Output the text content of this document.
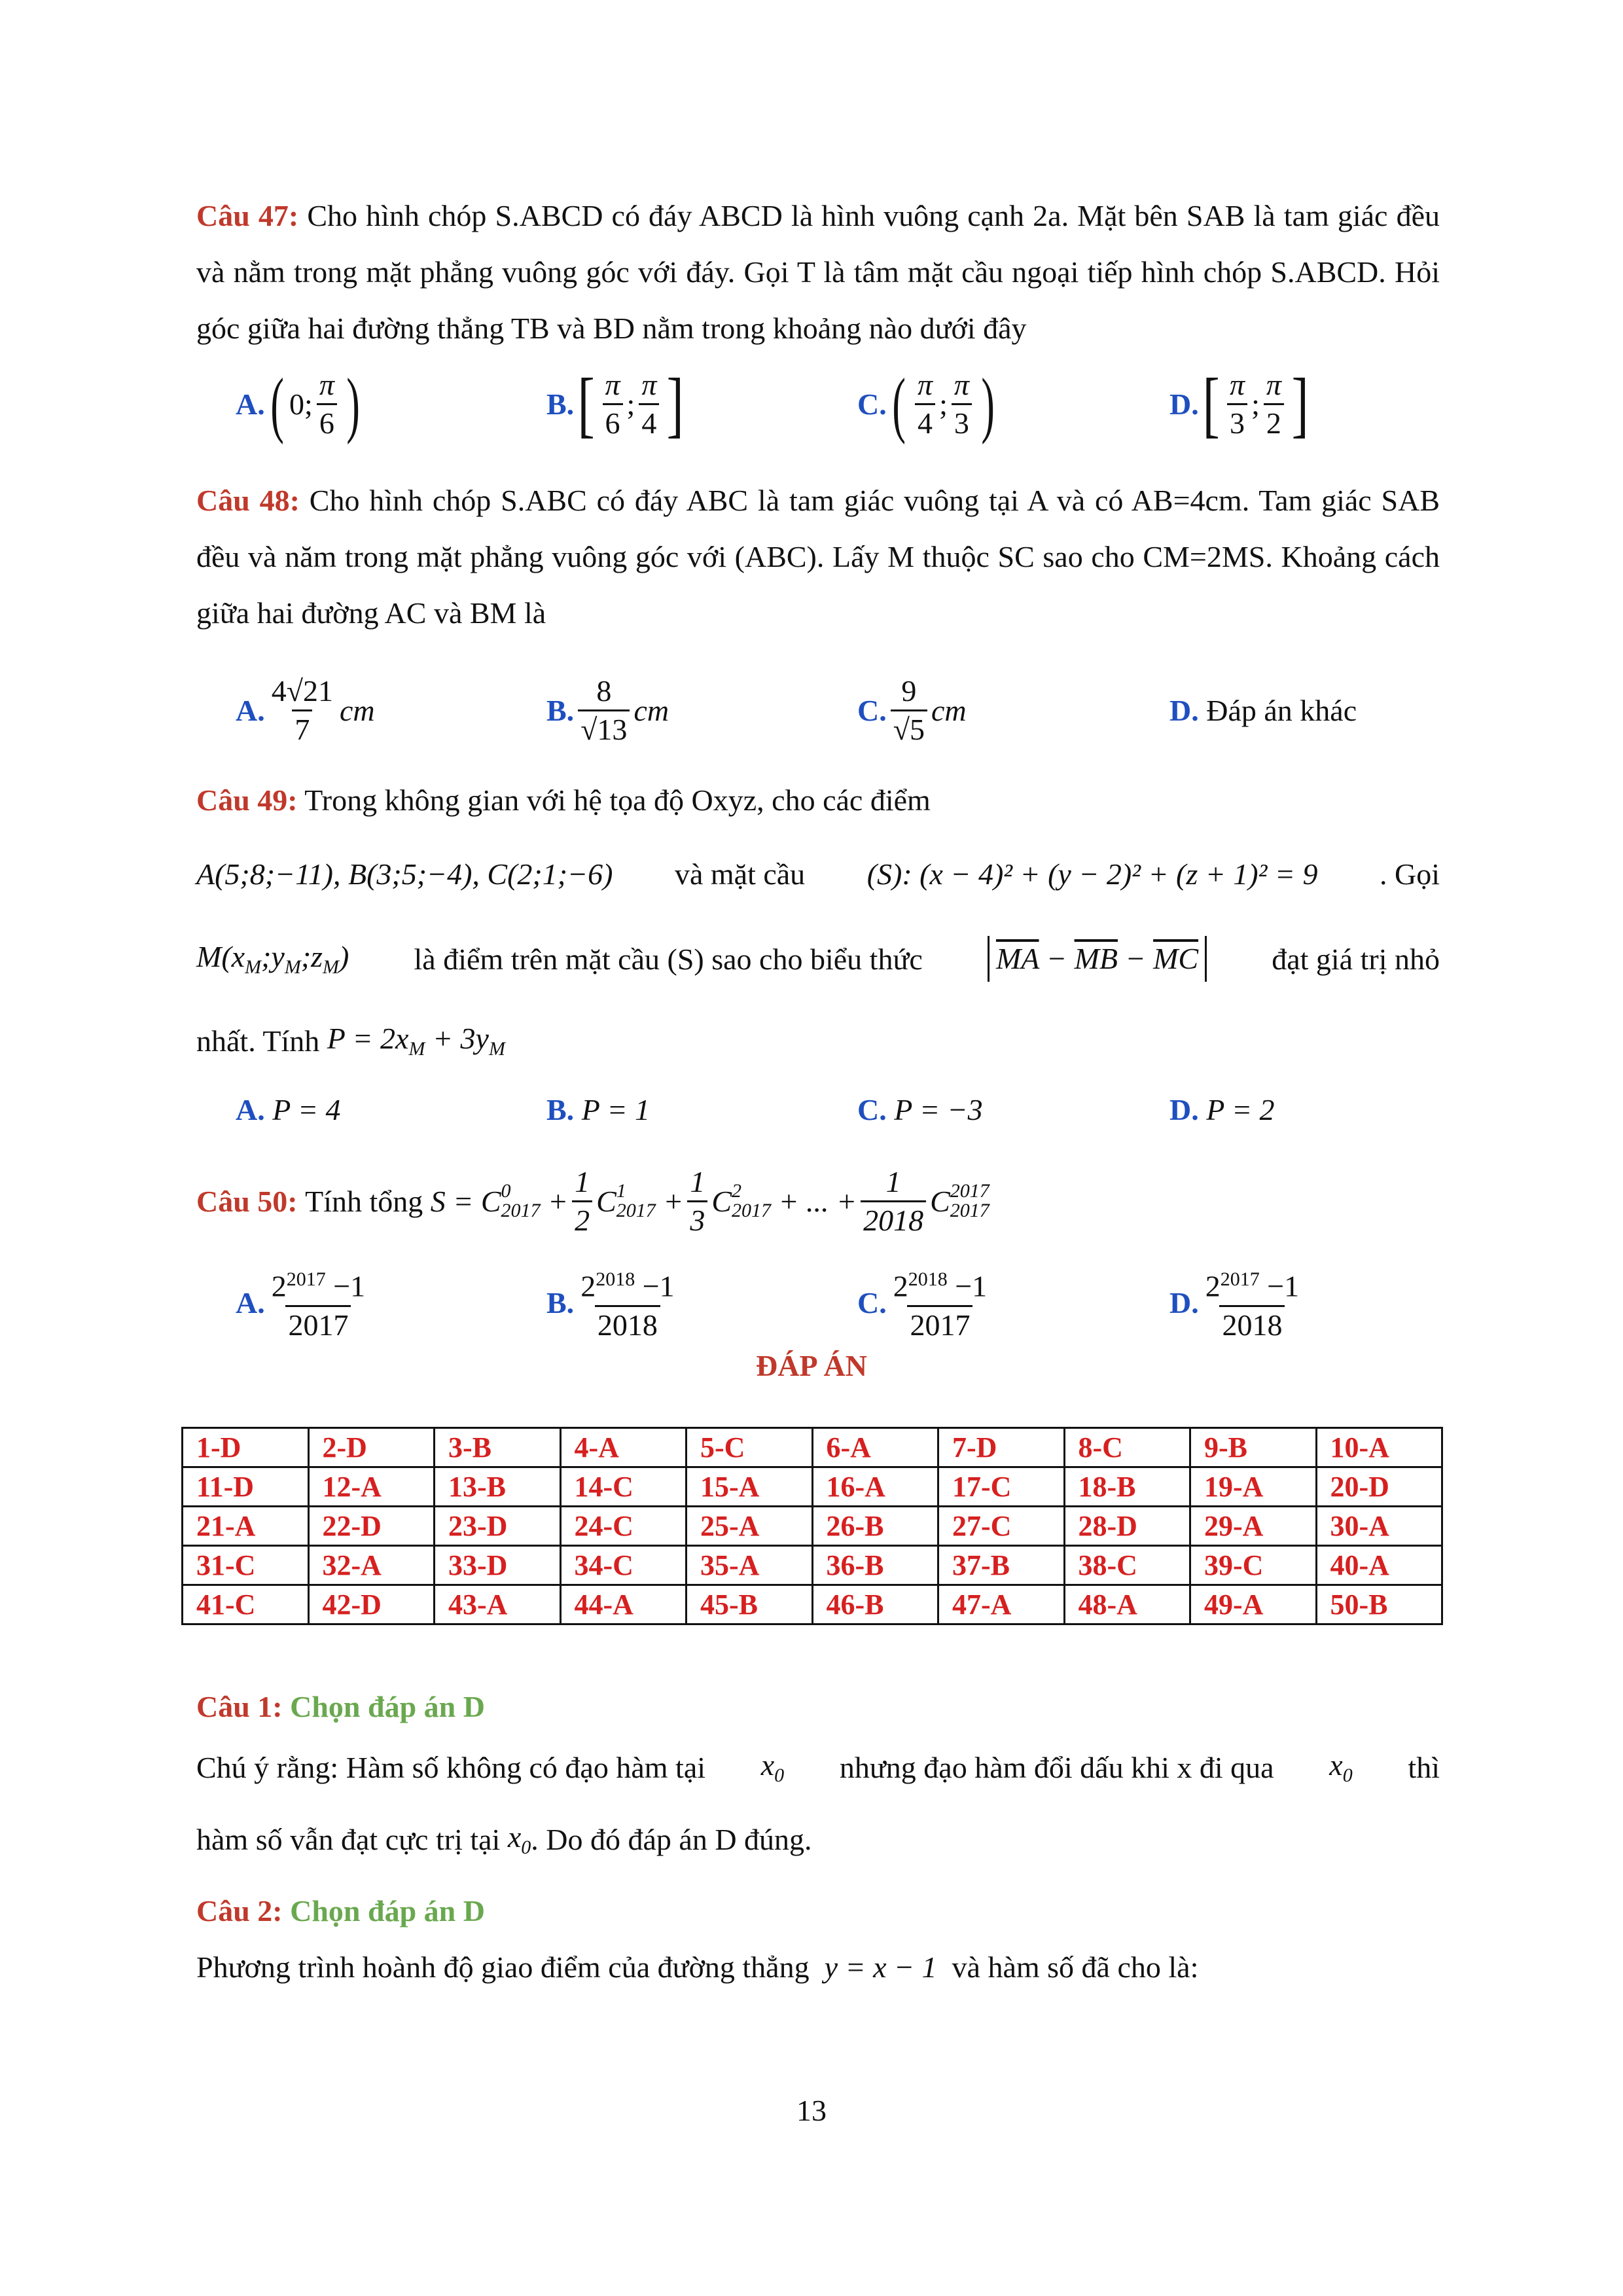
Câu 47: Cho hình chóp S.ABCD có đáy ABCD là hình vuông cạnh 2a. Mặt bên SAB là tam giác đều và nằm trong mặt phẳng vuông góc với đáy. Gọi T là tâm mặt cầu ngoại tiếp hình chóp S.ABCD. Hỏi góc giữa hai đường thẳng TB và BD nằm trong khoảng nào dưới đây
A. ( 0; $\frac{\pi}{6}$ )	B. [ $\frac{\pi}{6}$ ; $\frac{\pi}{4}$ ]	C. ( $\frac{\pi}{4}$ ; $\frac{\pi}{3}$ )	D. [ $\frac{\pi}{3}$ ; $\frac{\pi}{2}$ ]
Câu 48: Cho hình chóp S.ABC có đáy ABC là tam giác vuông tại A và có AB=4cm. Tam giác SAB đều và năm trong mặt phẳng vuông góc với (ABC). Lấy M thuộc SC sao cho CM=2MS. Khoảng cách giữa hai đường AC và BM là
A. $\frac{4√21}{7}$ cm	B. $\frac{8}{√13}$ cm	C. $\frac{9}{√5}$ cm	D.
Đáp án khác
Câu 49: Trong không gian với hệ tọa độ Oxyz, cho các điểm
A(5;8;−11), B(3;5;−4), C(2;1;−6) và mặt cầu (S): (x − 4)² + (y − 2)² + (z + 1)² = 9 . Gọi
$M(x_M;y_M;z_M)$ là điểm trên mặt cầu (S) sao cho biểu thức $\overline{MA} - \overline{MB} - \overline{MC}$ đạt giá trị nhỏ
nhất. Tính
$P = 2x_M + 3y_M$
A.
P = 4	B.
P = 1	C.
P = −3	D.
P = 2
Câu 50:
Tính tổng
S = C 0
2017
+ $\frac{1}{2}$ C 1
2017
+ $\frac{1}{3}$ C 2
2017
+ ... + $\frac{1}{2018}$ C 2017
2017
A. $\frac{2^{2017} -1}{2017}$	B. $\frac{2^{2018} -1}{2018}$	C. $\frac{2^{2018} -1}{2017}$	D. $\frac{2^{2017} -1}{2018}$
ĐÁP ÁN
1-D	2-D	3-B	4-A	5-C	6-A	7-D	8-C	9-B	10-A
11-D	12-A	13-B	14-C	15-A	16-A	17-C	18-B	19-A	20-D
21-A	22-D	23-D	24-C	25-A	26-B	27-C	28-D	29-A	30-A
31-C	32-A	33-D	34-C	35-A	36-B	37-B	38-C	39-C	40-A
41-C	42-D	43-A	44-A	45-B	46-B	47-A	48-A	49-A	50-B
Câu 1: Chọn đáp án D
Chú ý rằng: Hàm số không có đạo hàm tại $x_0$ nhưng đạo hàm đổi dấu khi x đi qua $x_0$ thì
hàm số vẫn đạt cực trị tại
$x_0$ . Do đó đáp án D đúng.
Câu 2: Chọn đáp án D
Phương trình hoành độ giao điểm của đường thẳng
y = x − 1
và hàm số đã cho là:
13
